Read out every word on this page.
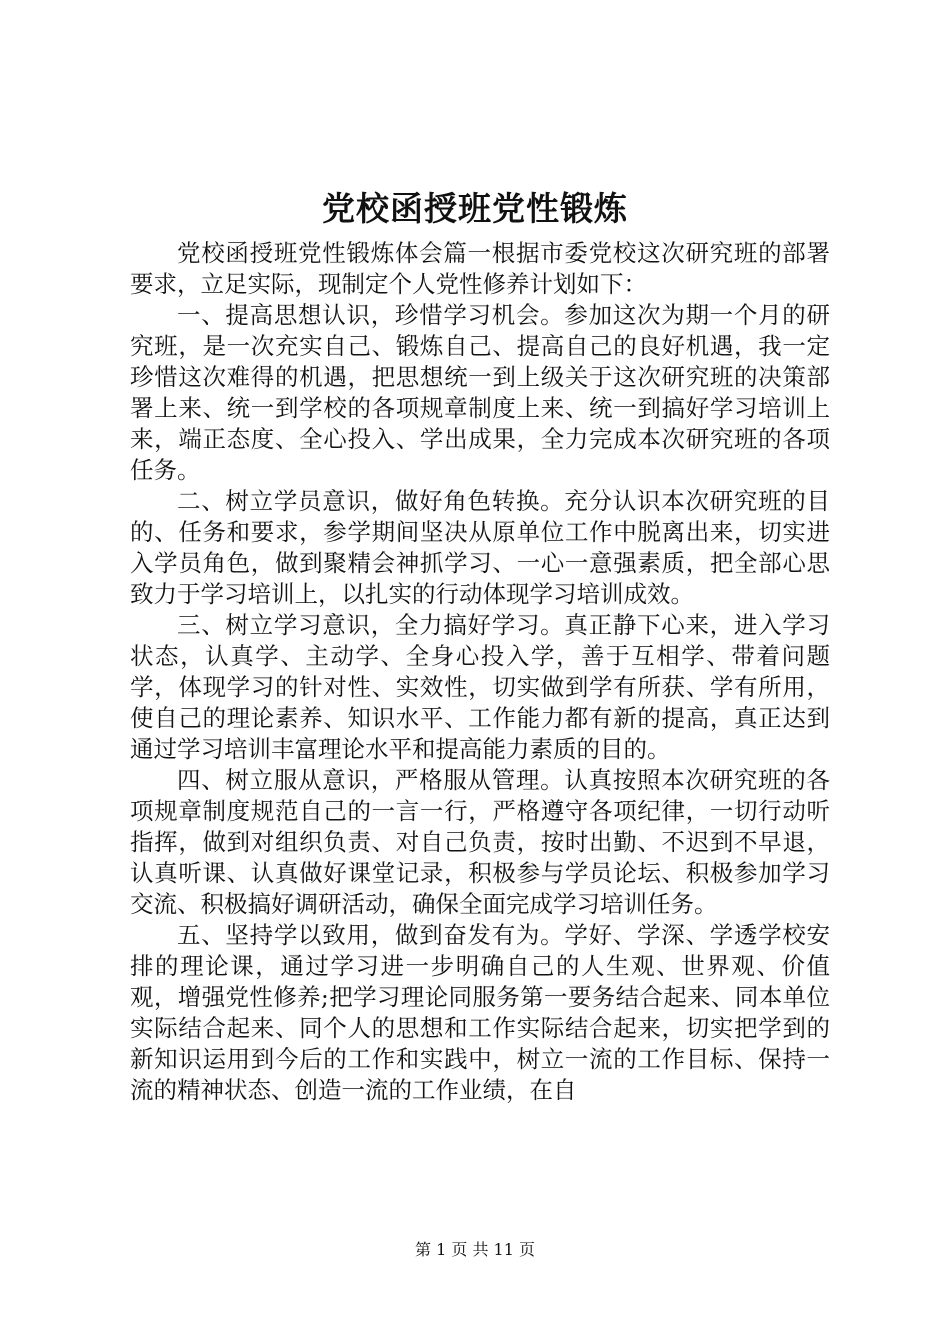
党校函授班党性锻炼

党校函授班党性锻炼体会篇一根据市委党校这次研究班的部署要求，立足实际，现制定个人党性修养计划如下：

一、提高思想认识，珍惜学习机会。参加这次为期一个月的研究班，是一次充实自己、锻炼自己、提高自己的良好机遇，我一定珍惜这次难得的机遇，把思想统一到上级关于这次研究班的决策部署上来、统一到学校的各项规章制度上来、统一到搞好学习培训上来，端正态度、全心投入、学出成果，全力完成本次研究班的各项任务。

二、树立学员意识，做好角色转换。充分认识本次研究班的目的、任务和要求，参学期间坚决从原单位工作中脱离出来，切实进入学员角色，做到聚精会神抓学习、一心一意强素质，把全部心思致力于学习培训上，以扎实的行动体现学习培训成效。

三、树立学习意识，全力搞好学习。真正静下心来，进入学习状态，认真学、主动学、全身心投入学，善于互相学、带着问题学，体现学习的针对性、实效性，切实做到学有所获、学有所用，使自己的理论素养、知识水平、工作能力都有新的提高，真正达到通过学习培训丰富理论水平和提高能力素质的目的。

四、树立服从意识，严格服从管理。认真按照本次研究班的各项规章制度规范自己的一言一行，严格遵守各项纪律，一切行动听指挥，做到对组织负责、对自己负责，按时出勤、不迟到不早退，认真听课、认真做好课堂记录，积极参与学员论坛、积极参加学习交流、积极搞好调研活动，确保全面完成学习培训任务。

五、坚持学以致用，做到奋发有为。学好、学深、学透学校安排的理论课，通过学习进一步明确自己的人生观、世界观、价值观，增强党性修养;把学习理论同服务第一要务结合起来、同本单位实际结合起来、同个人的思想和工作实际结合起来，切实把学到的新知识运用到今后的工作和实践中，树立一流的工作目标、保持一流的精神状态、创造一流的工作业绩，在自

第 1 页 共 11 页
